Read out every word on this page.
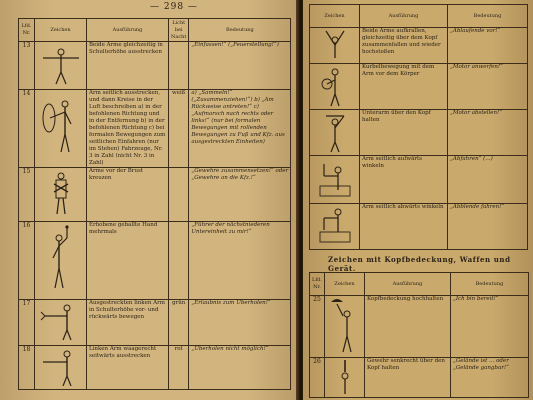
— 298 —
Lfd. Nr.	Zeichen	Ausführung	Licht bei Nacht	Bedeutung
13		Beide Arme gleichzeitig in Schulterhöhe ausstrecken		„Einfassen!“ („Feuerstellung!“)
14		Arm seitlich ausstrecken, und dann Kreise in der Luft beschreiben a) in der befohlenen Richtung und in der Entfernung b) in der befohlenen Richtung c) bei formalen Bewegungen zum seitlichen Einfahren (nur im Stehen) Fahrzeuge, Nr. 3 in Zahl (nicht Nr. 3 in Zahl)	weiß	a) „Sammeln!“ („Zusammenziehen!“) b) „Am Rückweise antreten!“ c) „Aufmarsch nach rechts oder links!“ (nur bei formalen Bewegungen mit rollenden Bewegungen zu Fuß und Kfz. aus ausgestreckten Einheiten)
15		Arme vor der Brust kreuzen		„Gewehre zusammensetzen!“ oder „Gewehre an die Kfz.!“
16		Erhobene geballte Hand mehrmals		„Führer der nächstniederen Untereinheit zu mir!“
17		Ausgestreckten linken Arm in Schulterhöhe vor- und rückwärts bewegen	grün	„Erlaubnis zum Überholen!“
18		Linken Arm waagerecht seitwärts ausstrecken	rot	„Überholen nicht möglich!“
Zeichen	Ausführung	Bedeutung

	Beide Arme aufkrallen, gleichzeitig über dem Kopf zusammenfallen und wieder hochstoßen	„Ablaufende vor!“

	Kurbelbewegung mit dem Arm vor dem Körper	„Motor anwerfen!“

	Unterarm über den Kopf halten	„Motor abstellen!“

	Arm seitlich aufwärts winkeln	„Abfahren“ (...)

	Arm seitlich abwärts winkeln	„Abblende fahren!“
Zeichen mit Kopfbedeckung, Waffen und Gerät.
Lfd. Nr.	Zeichen	Ausführung	Bedeutung
25		Kopfbedeckung hochhalten	„Ich bin bereit!“
26		Gewehr senkrecht über den Kopf halten	„Gelände ist ... oder „Gelände gangbar!“
